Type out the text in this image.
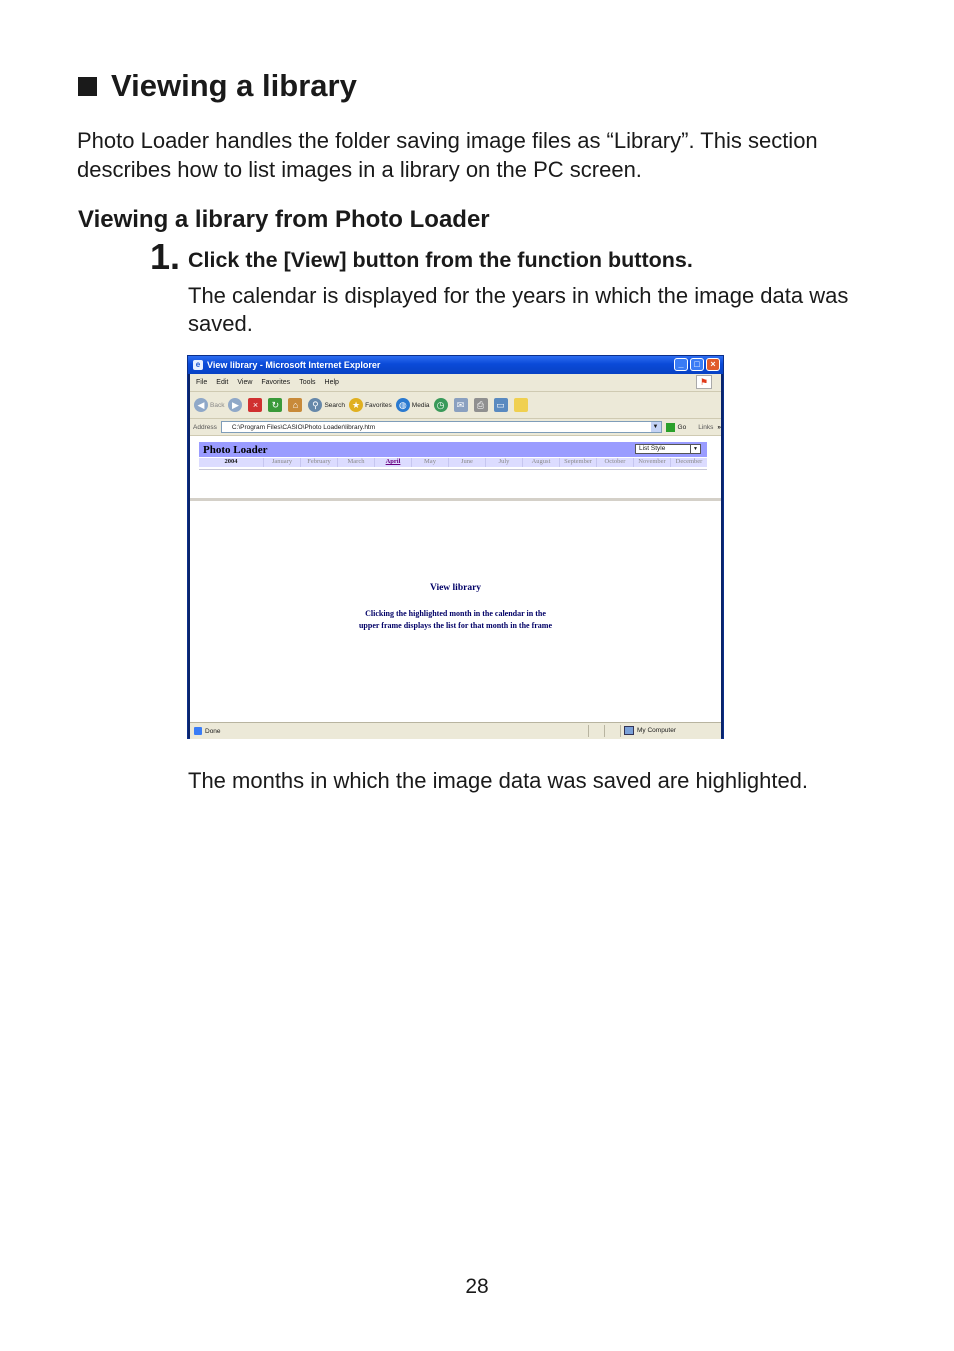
Viewing a library

Photo Loader handles the folder saving image files as “Library”. This section describes how to list images in a library on the PC screen.

Viewing a library from Photo Loader
1. Click the [View] button from the function buttons.

The calendar is displayed for the years in which the image data was saved.

e View library - Microsoft Internet Explorer	_	□	×
File Edit View Favorites Tools Help	⚑
◀ Back ▶	×	↻	⌂	⚲ Search ★ Favorites ◍ Media ◷	✉	⎙	▭
Address	C:\Program Files\CASIO\Photo Loader\library.htm	▼	Go Links »
Photo Loader	List Style	▼
2004	January	February	March	April	May	June	July	August	September	October	November	December
View library
Clicking the highlighted month in the calendar in the
upper frame displays the list for that month in the frame
Done	My Computer

The months in which the image data was saved are highlighted.

28
